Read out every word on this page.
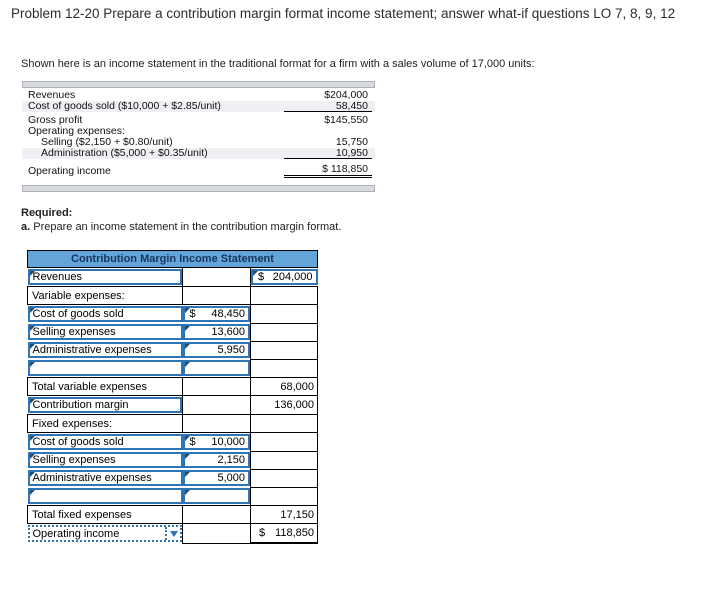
Problem 12-20 Prepare a contribution margin format income statement; answer what-if questions LO 7, 8, 9, 12
Shown here is an income statement in the traditional format for a firm with a sales volume of 17,000 units:
Revenues	$204,000
Cost of goods sold ($10,000 + $2.85/unit)	58,450
Gross profit	$145,550
Operating expenses:
Selling ($2,150 + $0.80/unit)	15,750
Administration ($5,000 + $0.35/unit)	10,950
Operating income	$ 118,850
Required:
a. Prepare an income statement in the contribution margin format.
Contribution Margin Income Statement		

Revenues		$ 204,000

Variable expenses:		

Cost of goods sold	$ 48,450	

Selling expenses	13,600	

Administrative expenses	5,950	

Total variable expenses		68,000

Contribution margin		136,000
Fixed expenses:		

Cost of goods sold	$ 10,000	

Selling expenses	2,150	

Administrative expenses	5,000	

Total fixed expenses		17,150

Operating income		$ 118,850
